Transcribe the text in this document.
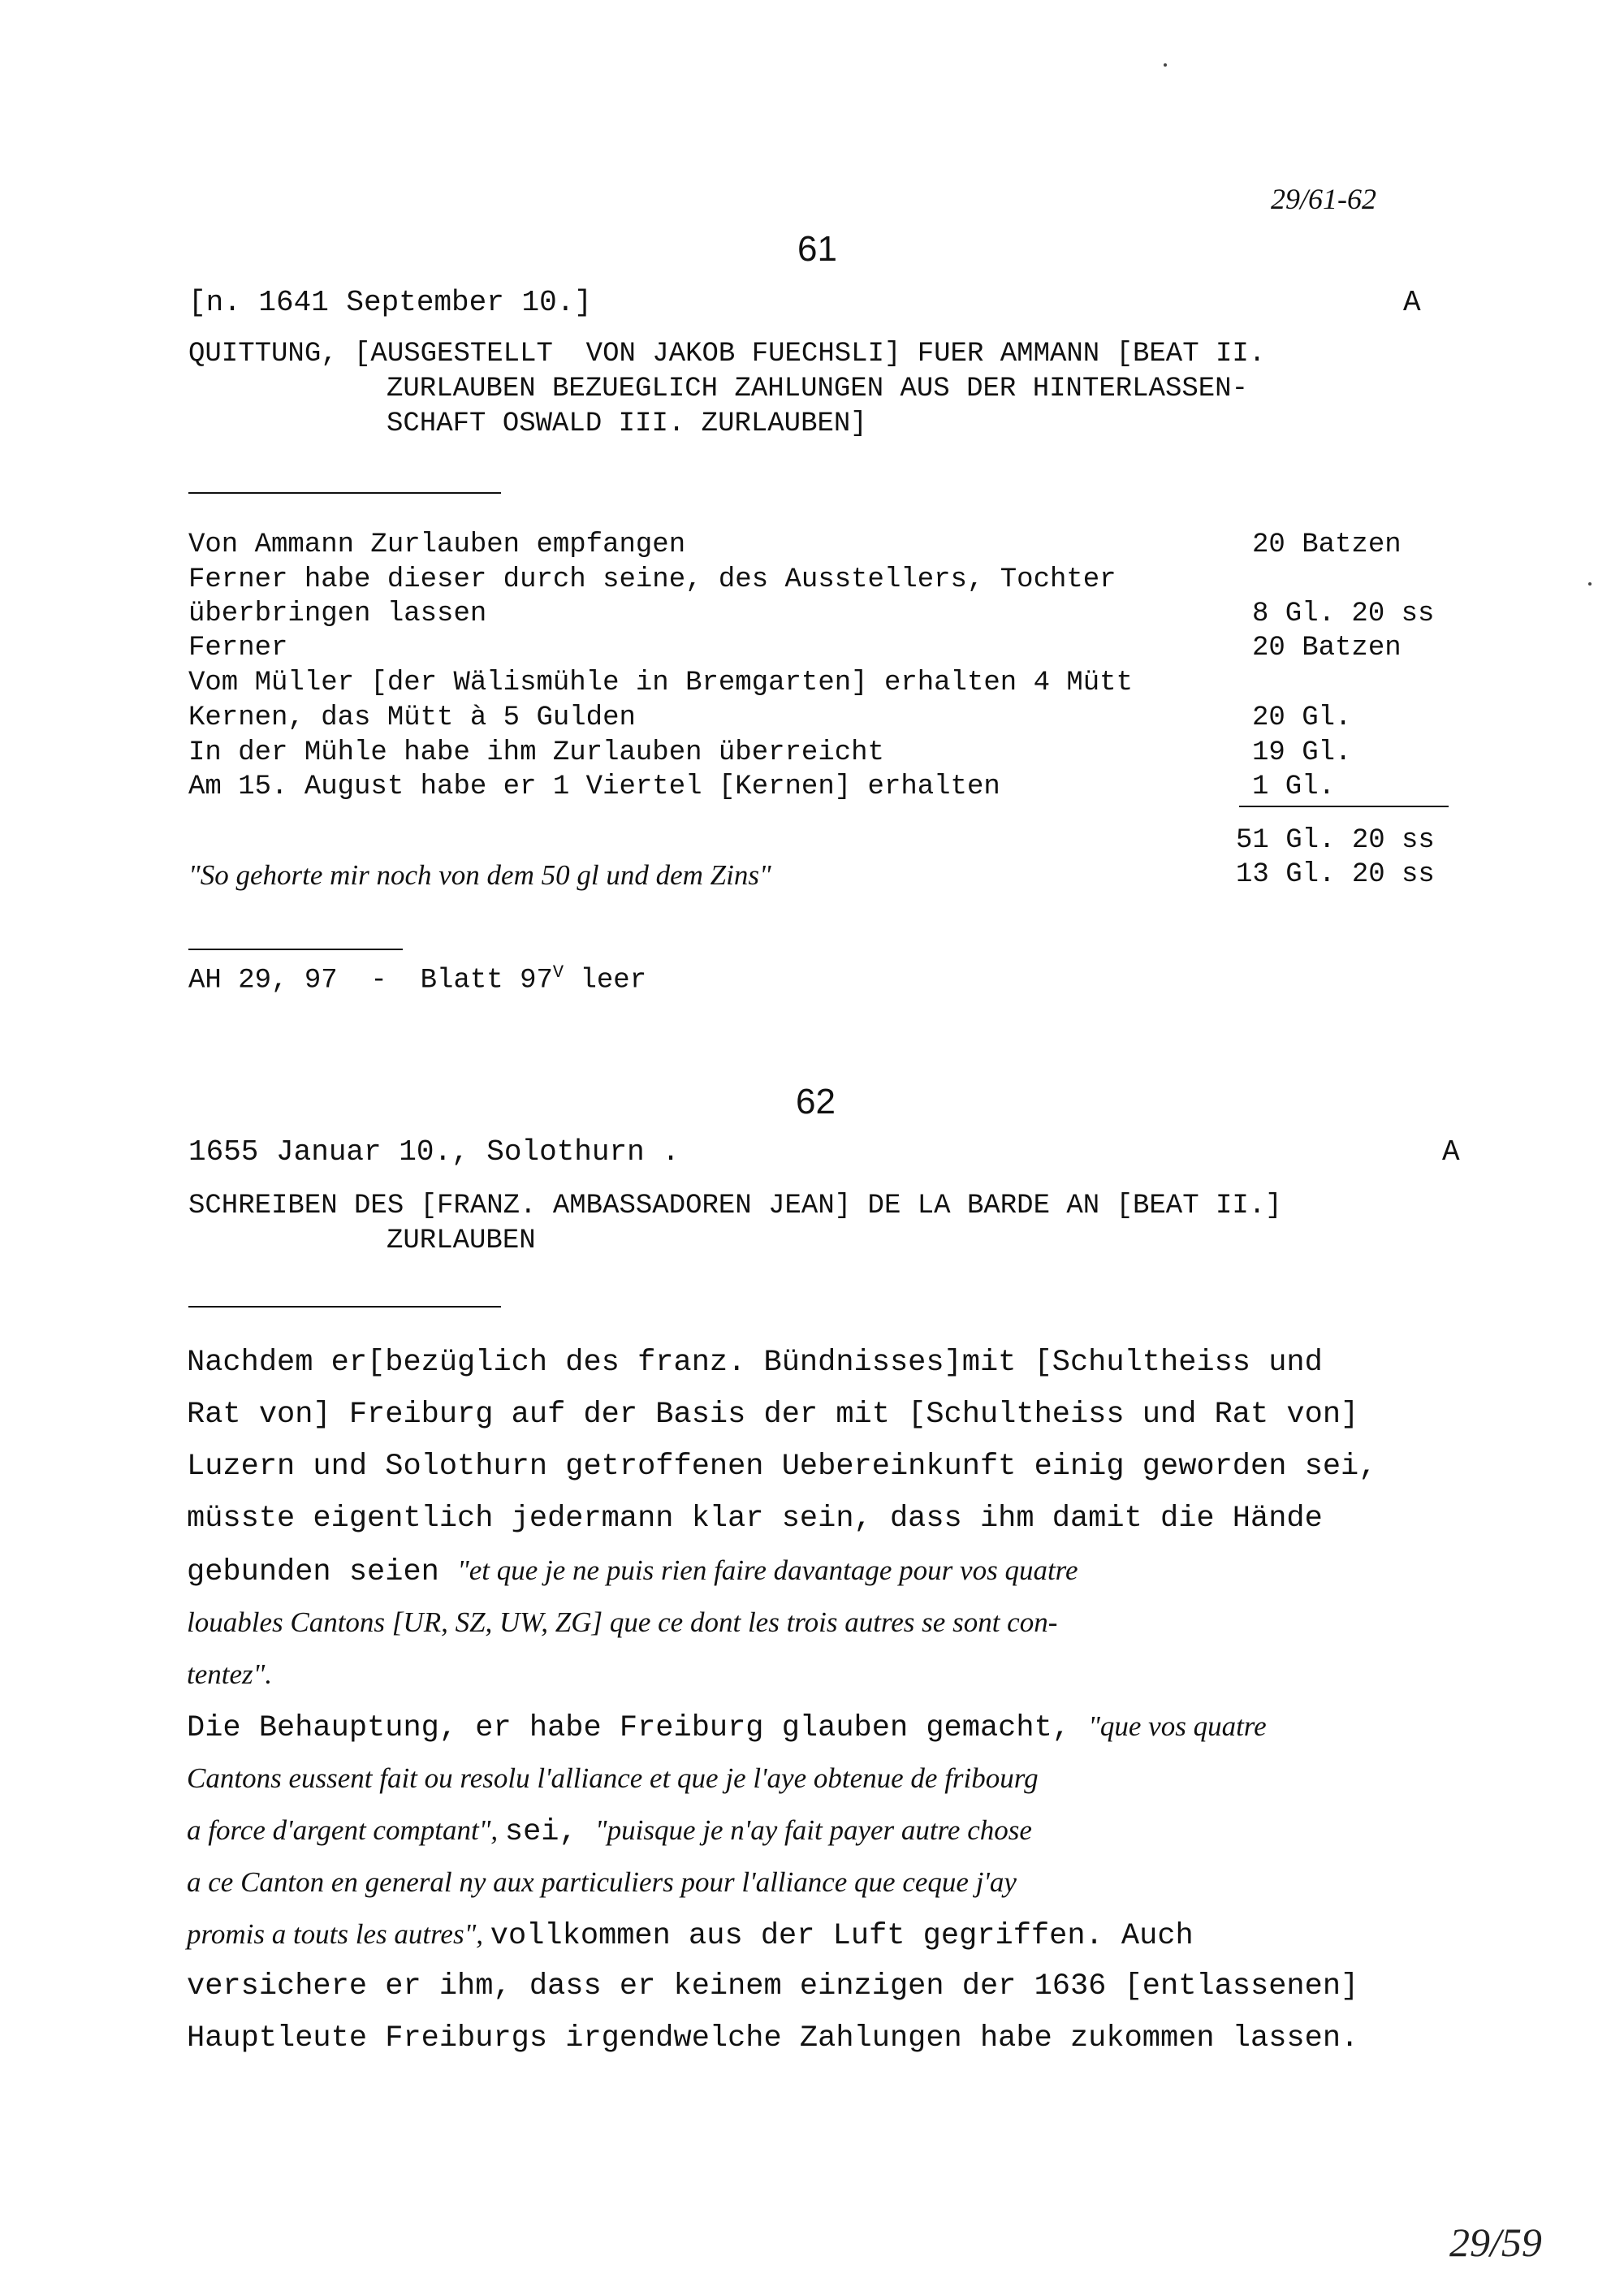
29/61-62
61
[n. 1641 September 10.]	A
QUITTUNG, [AUSGESTELLT  VON JAKOB FUECHSLI] FUER AMMANN [BEAT II.
ZURLAUBEN BEZUEGLICH ZAHLUNGEN AUS DER HINTERLASSEN-
SCHAFT OSWALD III. ZURLAUBEN]
Von Ammann Zurlauben empfangen	20 Batzen
Ferner habe dieser durch seine, des Ausstellers, Tochter
überbringen lassen	8 Gl. 20 ss
Ferner	20 Batzen
Vom Müller [der Wälismühle in Bremgarten] erhalten 4 Mütt
Kernen, das Mütt à 5 Gulden	20 Gl.
In der Mühle habe ihm Zurlauben überreicht	19 Gl.
Am 15. August habe er 1 Viertel [Kernen] erhalten	1 Gl.
51 Gl. 20 ss
"So gehorte mir noch von dem 50 gl und dem Zins"	13 Gl. 20 ss
AH 29, 97  -  Blatt $97^V$ leer
62
1655 Januar 10., Solothurn .	A
SCHREIBEN DES [FRANZ. AMBASSADOREN JEAN] DE LA BARDE AN [BEAT II.]
ZURLAUBEN
Nachdem er[bezüglich des franz. Bündnisses]mit [Schultheiss und
Rat von] Freiburg auf der Basis der mit [Schultheiss und Rat von]
Luzern und Solothurn getroffenen Uebereinkunft einig geworden sei,
müsste eigentlich jedermann klar sein, dass ihm damit die Hände
gebunden seien "et que je ne puis rien faire davantage pour vos quatre
louables Cantons [UR, SZ, UW, ZG] que ce dont les trois autres se sont con-
tentez".
Die Behauptung, er habe Freiburg glauben gemacht, "que vos quatre
Cantons eussent fait ou resolu l'alliance et que je l'aye obtenue de fribourg
a force d'argent comptant", sei, "puisque je n'ay fait payer autre chose
a ce Canton en general ny aux particuliers pour l'alliance que ceque j'ay
promis a touts les autres", vollkommen aus der Luft gegriffen. Auch
versichere er ihm, dass er keinem einzigen der 1636 [entlassenen]
Hauptleute Freiburgs irgendwelche Zahlungen habe zukommen lassen.
29/59
